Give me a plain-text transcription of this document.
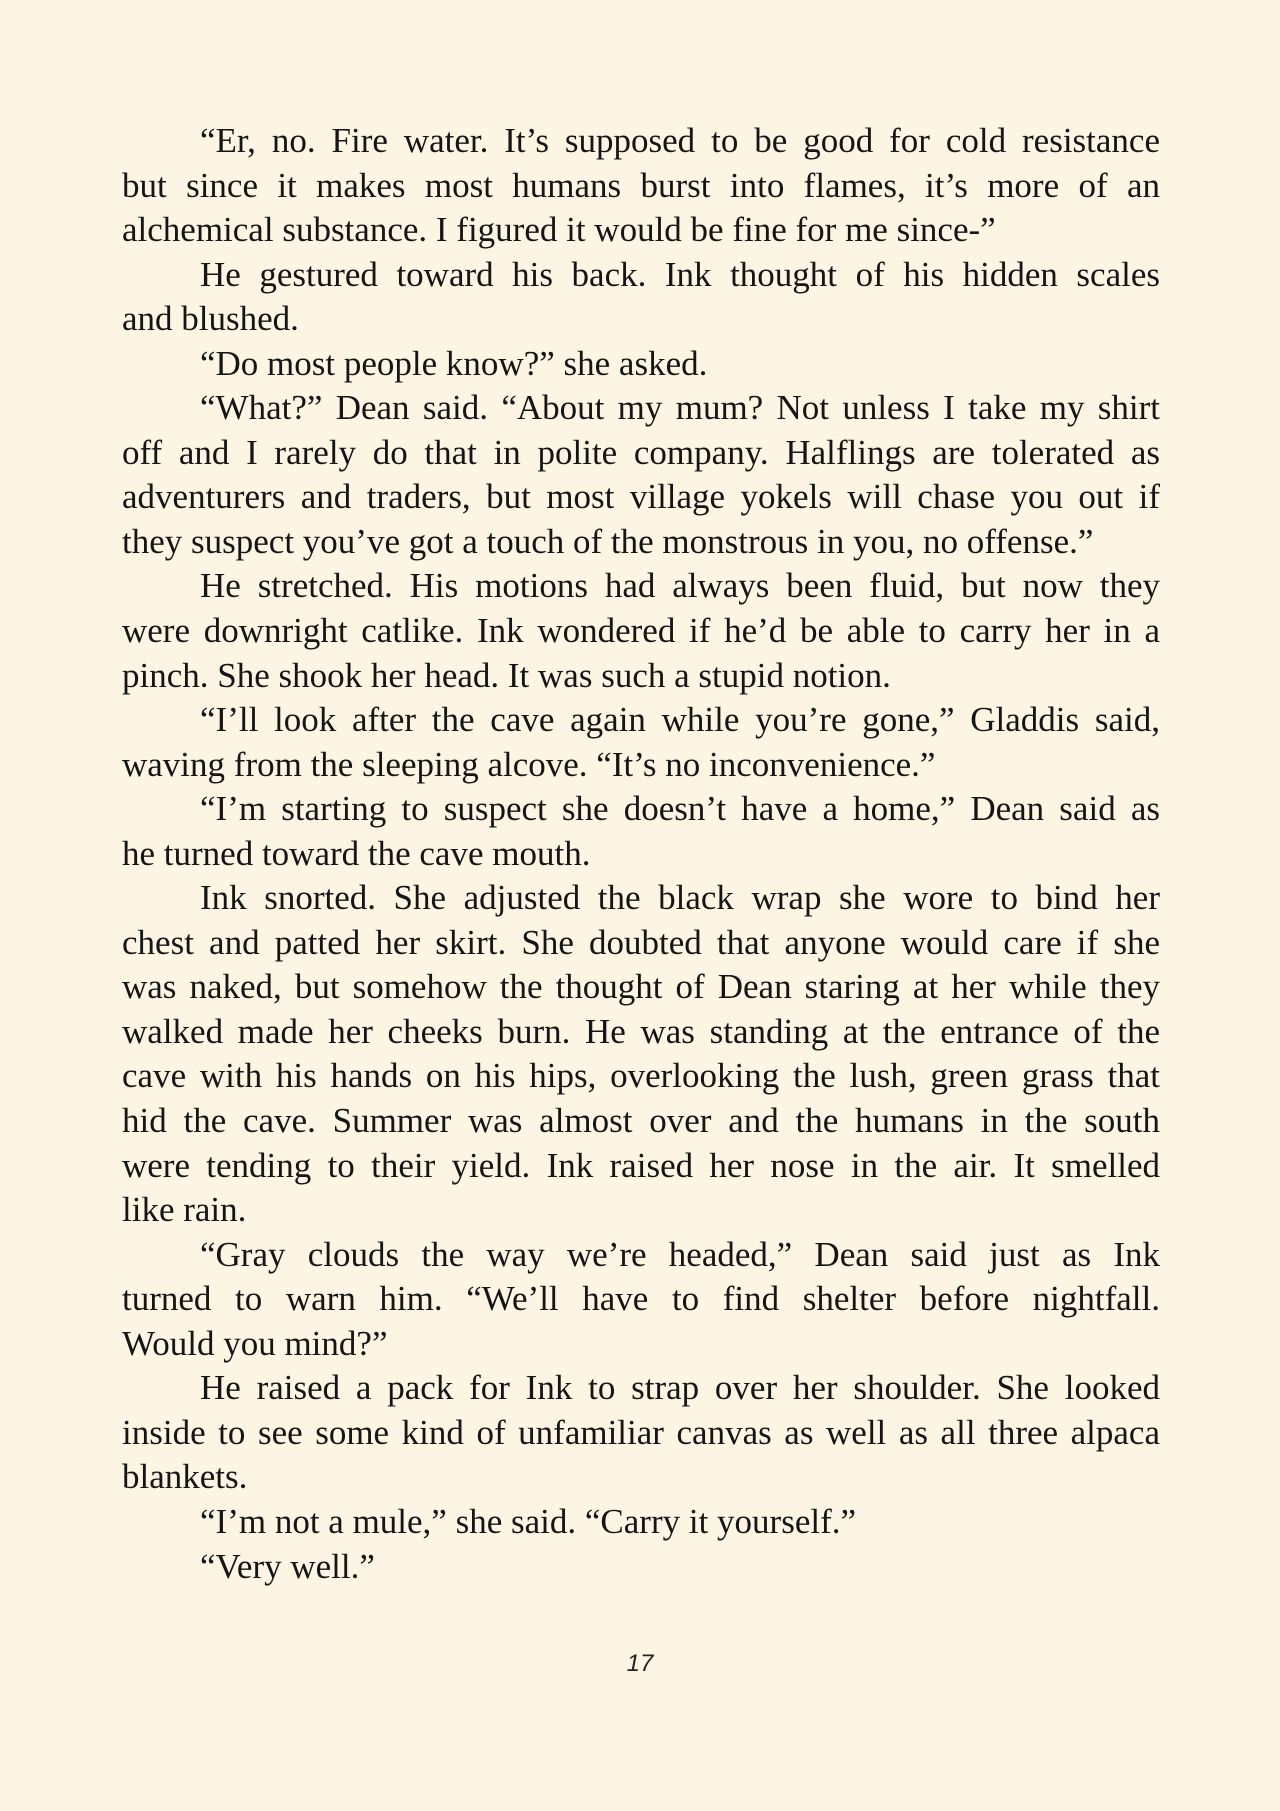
“Er, no. Fire water. It’s supposed to be good for cold resistance
but since it makes most humans burst into flames, it’s more of an
alchemical substance. I figured it would be fine for me since-”
He gestured toward his back. Ink thought of his hidden scales
and blushed.
“Do most people know?” she asked.
“What?” Dean said. “About my mum? Not unless I take my shirt
off and I rarely do that in polite company. Halflings are tolerated as
adventurers and traders, but most village yokels will chase you out if
they suspect you’ve got a touch of the monstrous in you, no offense.”
He stretched. His motions had always been fluid, but now they
were downright catlike. Ink wondered if he’d be able to carry her in a
pinch. She shook her head. It was such a stupid notion.
“I’ll look after the cave again while you’re gone,” Gladdis said,
waving from the sleeping alcove. “It’s no inconvenience.”
“I’m starting to suspect she doesn’t have a home,” Dean said as
he turned toward the cave mouth.
Ink snorted. She adjusted the black wrap she wore to bind her
chest and patted her skirt. She doubted that anyone would care if she
was naked, but somehow the thought of Dean staring at her while they
walked made her cheeks burn. He was standing at the entrance of the
cave with his hands on his hips, overlooking the lush, green grass that
hid the cave. Summer was almost over and the humans in the south
were tending to their yield. Ink raised her nose in the air. It smelled
like rain.
“Gray clouds the way we’re headed,” Dean said just as Ink
turned to warn him. “We’ll have to find shelter before nightfall.
Would you mind?”
He raised a pack for Ink to strap over her shoulder. She looked
inside to see some kind of unfamiliar canvas as well as all three alpaca
blankets.
“I’m not a mule,” she said. “Carry it yourself.”
“Very well.”
17
